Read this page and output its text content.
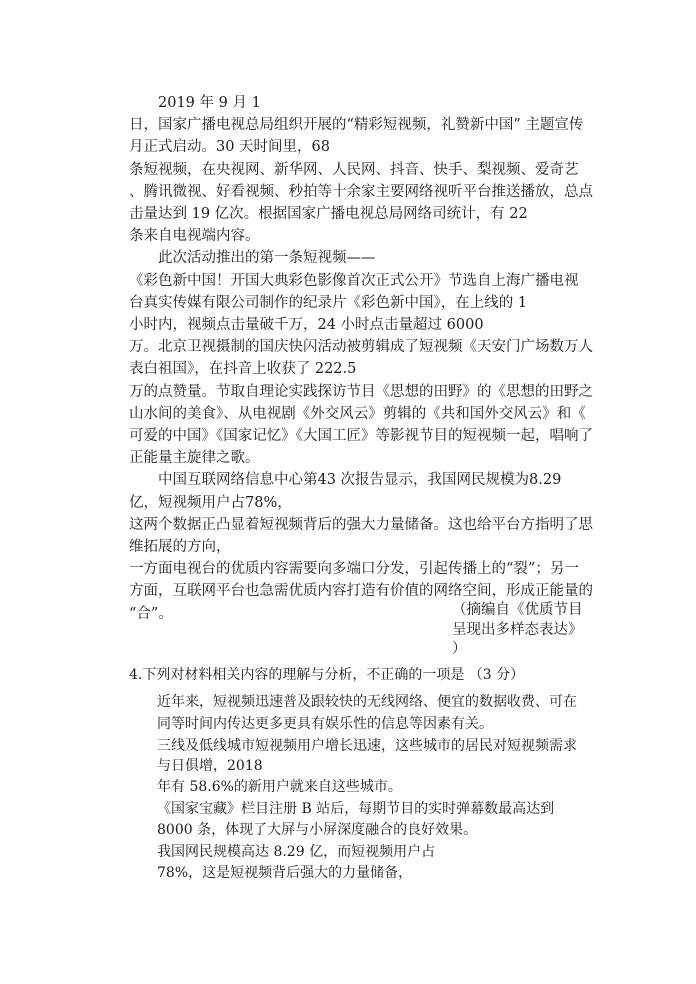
2019 年 9 月 1
日，国家广播电视总局组织开展的“精彩短视频，礼赞新中国” 主题宣传
月正式启动。30 天时间里，68
条短视频，在央视网、新华网、人民网、抖音、快手、梨视频、爱奇艺
、腾讯微视、好看视频、秒拍等十余家主要网络视听平台推送播放，总点
击量达到 19 亿次。根据国家广播电视总局网络司统计，有 22
条来自电视端内容。
此次活动推出的第一条短视频——
《彩色新中国！开国大典彩色影像首次正式公开》节选自上海广播电视
台真实传媒有限公司制作的纪录片《彩色新中国》，在上线的 1
小时内，视频点击量破千万，24 小时点击量超过 6000
万。北京卫视摄制的国庆快闪活动被剪辑成了短视频《天安门广场数万人
表白祖国》，在抖音上收获了 222.5
万的点赞量。节取自理论实践探访节目《思想的田野》的《思想的田野之
山水间的美食》、从电视剧《外交风云》剪辑的《共和国外交风云》和《
可爱的中国》《国家记忆》《大国工匠》等影视节目的短视频一起，唱响了
正能量主旋律之歌。
中国互联网络信息中心第43 次报告显示，我国网民规模为8.29
亿，短视频用户占78%，
这两个数据正凸显着短视频背后的强大力量储备。这也给平台方指明了思
维拓展的方向，
一方面电视台的优质内容需要向多端口分发，引起传播上的“裂”；另一
方面，互联网平台也急需优质内容打造有价值的网络空间，形成正能量的
“合”。	（摘编自《优质节目
呈现出多样态表达》
）
4.下列对材料相关内容的理解与分析，不正确的一项是 （3 分）
近年来，短视频迅速普及跟较快的无线网络、便宜的数据收费、可在
同等时间内传达更多更具有娱乐性的信息等因素有关。
三线及低线城市短视频用户增长迅速，这些城市的居民对短视频需求
与日俱增，2018
年有 58.6%的新用户就来自这些城市。
《国家宝藏》栏目注册 B 站后，每期节目的实时弹幕数最高达到
8000 条，体现了大屏与小屏深度融合的良好效果。
我国网民规模高达 8.29 亿，而短视频用户占
78%，这是短视频背后强大的力量储备，
